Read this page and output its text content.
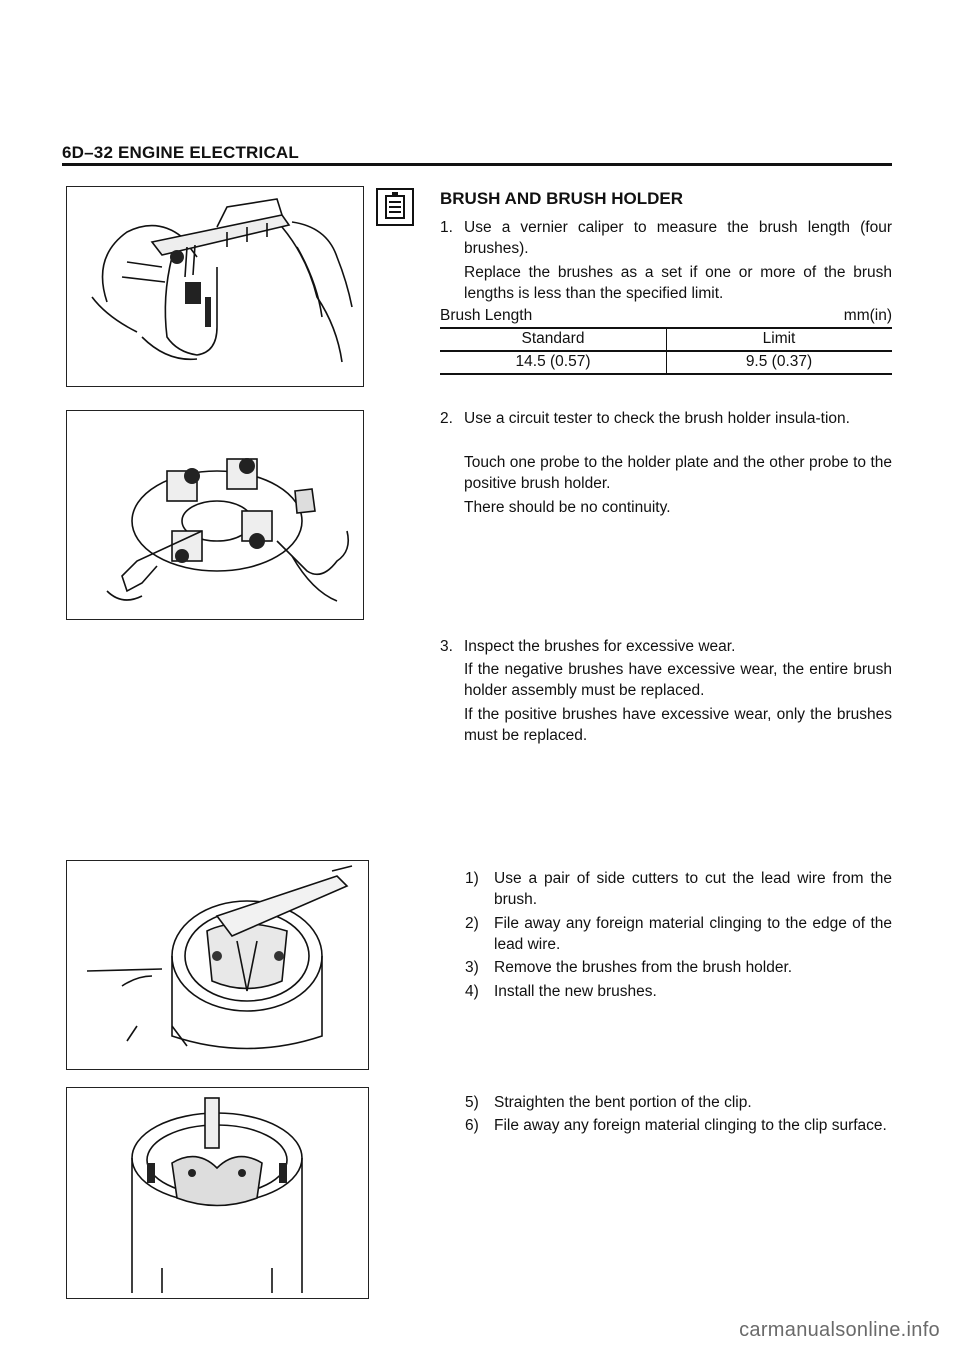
6D–32 ENGINE ELECTRICAL
BRUSH AND BRUSH HOLDER
1. Use a vernier caliper to measure the brush length (four brushes).
Replace the brushes as a set if one or more of the brush lengths is less than the specified limit.
Brush Length	mm(in)
Standard	Limit
14.5 (0.57)	9.5 (0.37)
2. Use a circuit tester to check the brush holder insula-tion.
Touch one probe to the holder plate and the other probe to the positive brush holder.
There should be no continuity.
3. Inspect the brushes for excessive wear.
If the negative brushes have excessive wear, the entire brush holder assembly must be replaced.
If the positive brushes have excessive wear, only the brushes must be replaced.
1) Use a pair of side cutters to cut the lead wire from the brush.
2) File away any foreign material clinging to the edge of the lead wire.
3) Remove the brushes from the brush holder.
4) Install the new brushes.
5) Straighten the bent portion of the clip.
6) File away any foreign material clinging to the clip surface.
carmanualsonline.info
